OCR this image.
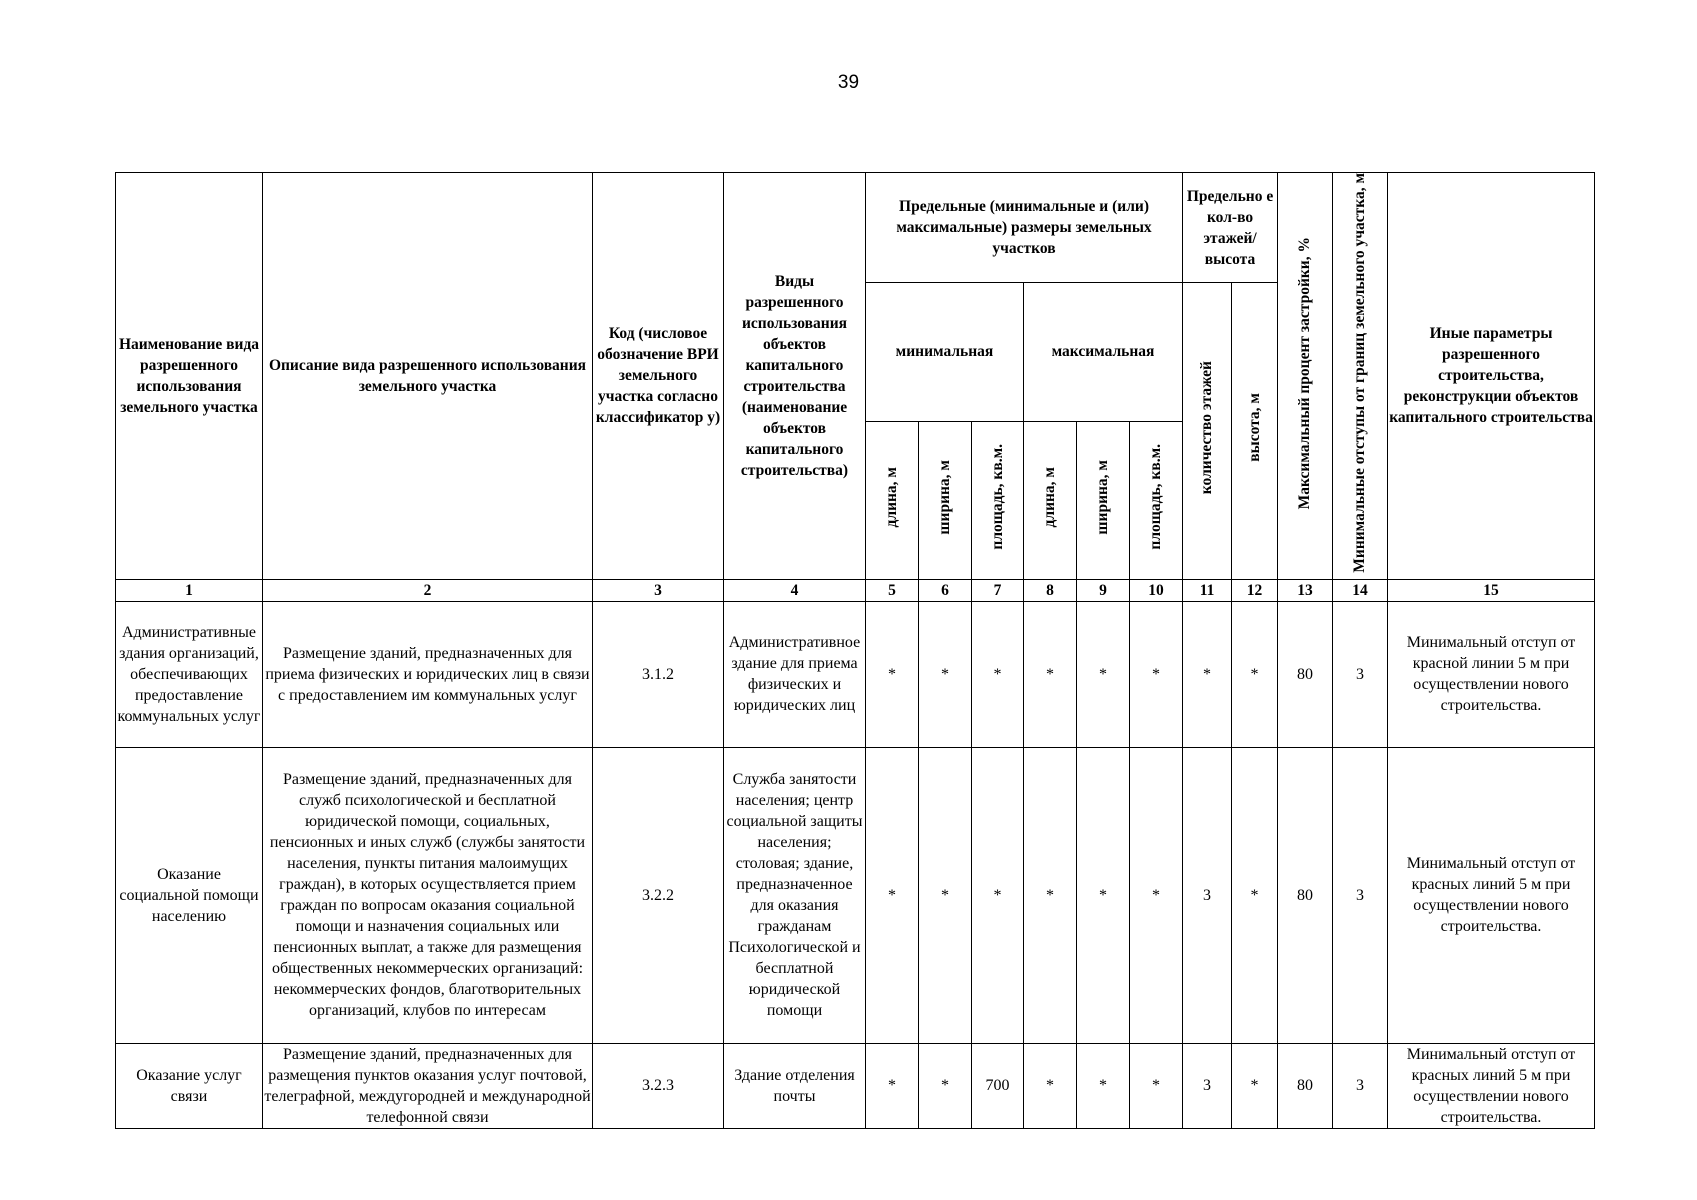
39
Наименование вида разрешенного использования земельного участка	Описание вида разрешенного использования земельного участка	Код (числовое обозначение ВРИ земельного участка согласно классификатор у)	Виды разрешенного использования объектов капитального строительства (наименование объектов капитального строительства)	Предельные (минимальные и (или) максимальные) размеры земельных участков						Предельно е кол-во этажей/ высота		Максимальный процент застройки, %	Минимальные отступы от границ земельного участка, м	Иные параметры разрешенного строительства, реконструкции объектов капитального строительства
				минимальная			максимальная			количество этажей	высота, м			
				длина, м	ширина, м	площадь, кв.м.	длина, м	ширина, м	площадь, кв.м.					
1	2	3	4	5	6	7	8	9	10	11	12	13	14	15
Административные здания организаций, обеспечивающих предоставление коммунальных услуг	Размещение зданий, предназначенных для приема физических и юридических лиц в связи с предоставлением им коммунальных услуг	3.1.2	Административное здание для приема физических и юридических лиц	*	*	*	*	*	*	*	*	80	3	Минимальный отступ от красной линии 5 м при осуществлении нового строительства.
Оказание социальной помощи населению	Размещение зданий, предназначенных для служб психологической и бесплатной юридической помощи, социальных, пенсионных и иных служб (службы занятости населения, пункты питания малоимущих граждан), в которых осуществляется прием граждан по вопросам оказания социальной помощи и назначения социальных или пенсионных выплат, а также для размещения общественных некоммерческих организаций: некоммерческих фондов, благотворительных организаций, клубов по интересам	3.2.2	Служба занятости населения; центр социальной защиты населения; столовая; здание, предназначенное для оказания гражданам Психологической и бесплатной юридической помощи	*	*	*	*	*	*	3	*	80	3	Минимальный отступ от красных линий 5 м при осуществлении нового строительства.
Оказание услуг связи	Размещение зданий, предназначенных для размещения пунктов оказания услуг почтовой, телеграфной, междугородней и международной телефонной связи	3.2.3	Здание отделения почты	*	*	700	*	*	*	3	*	80	3	Минимальный отступ от красных линий 5 м при осуществлении нового строительства.
